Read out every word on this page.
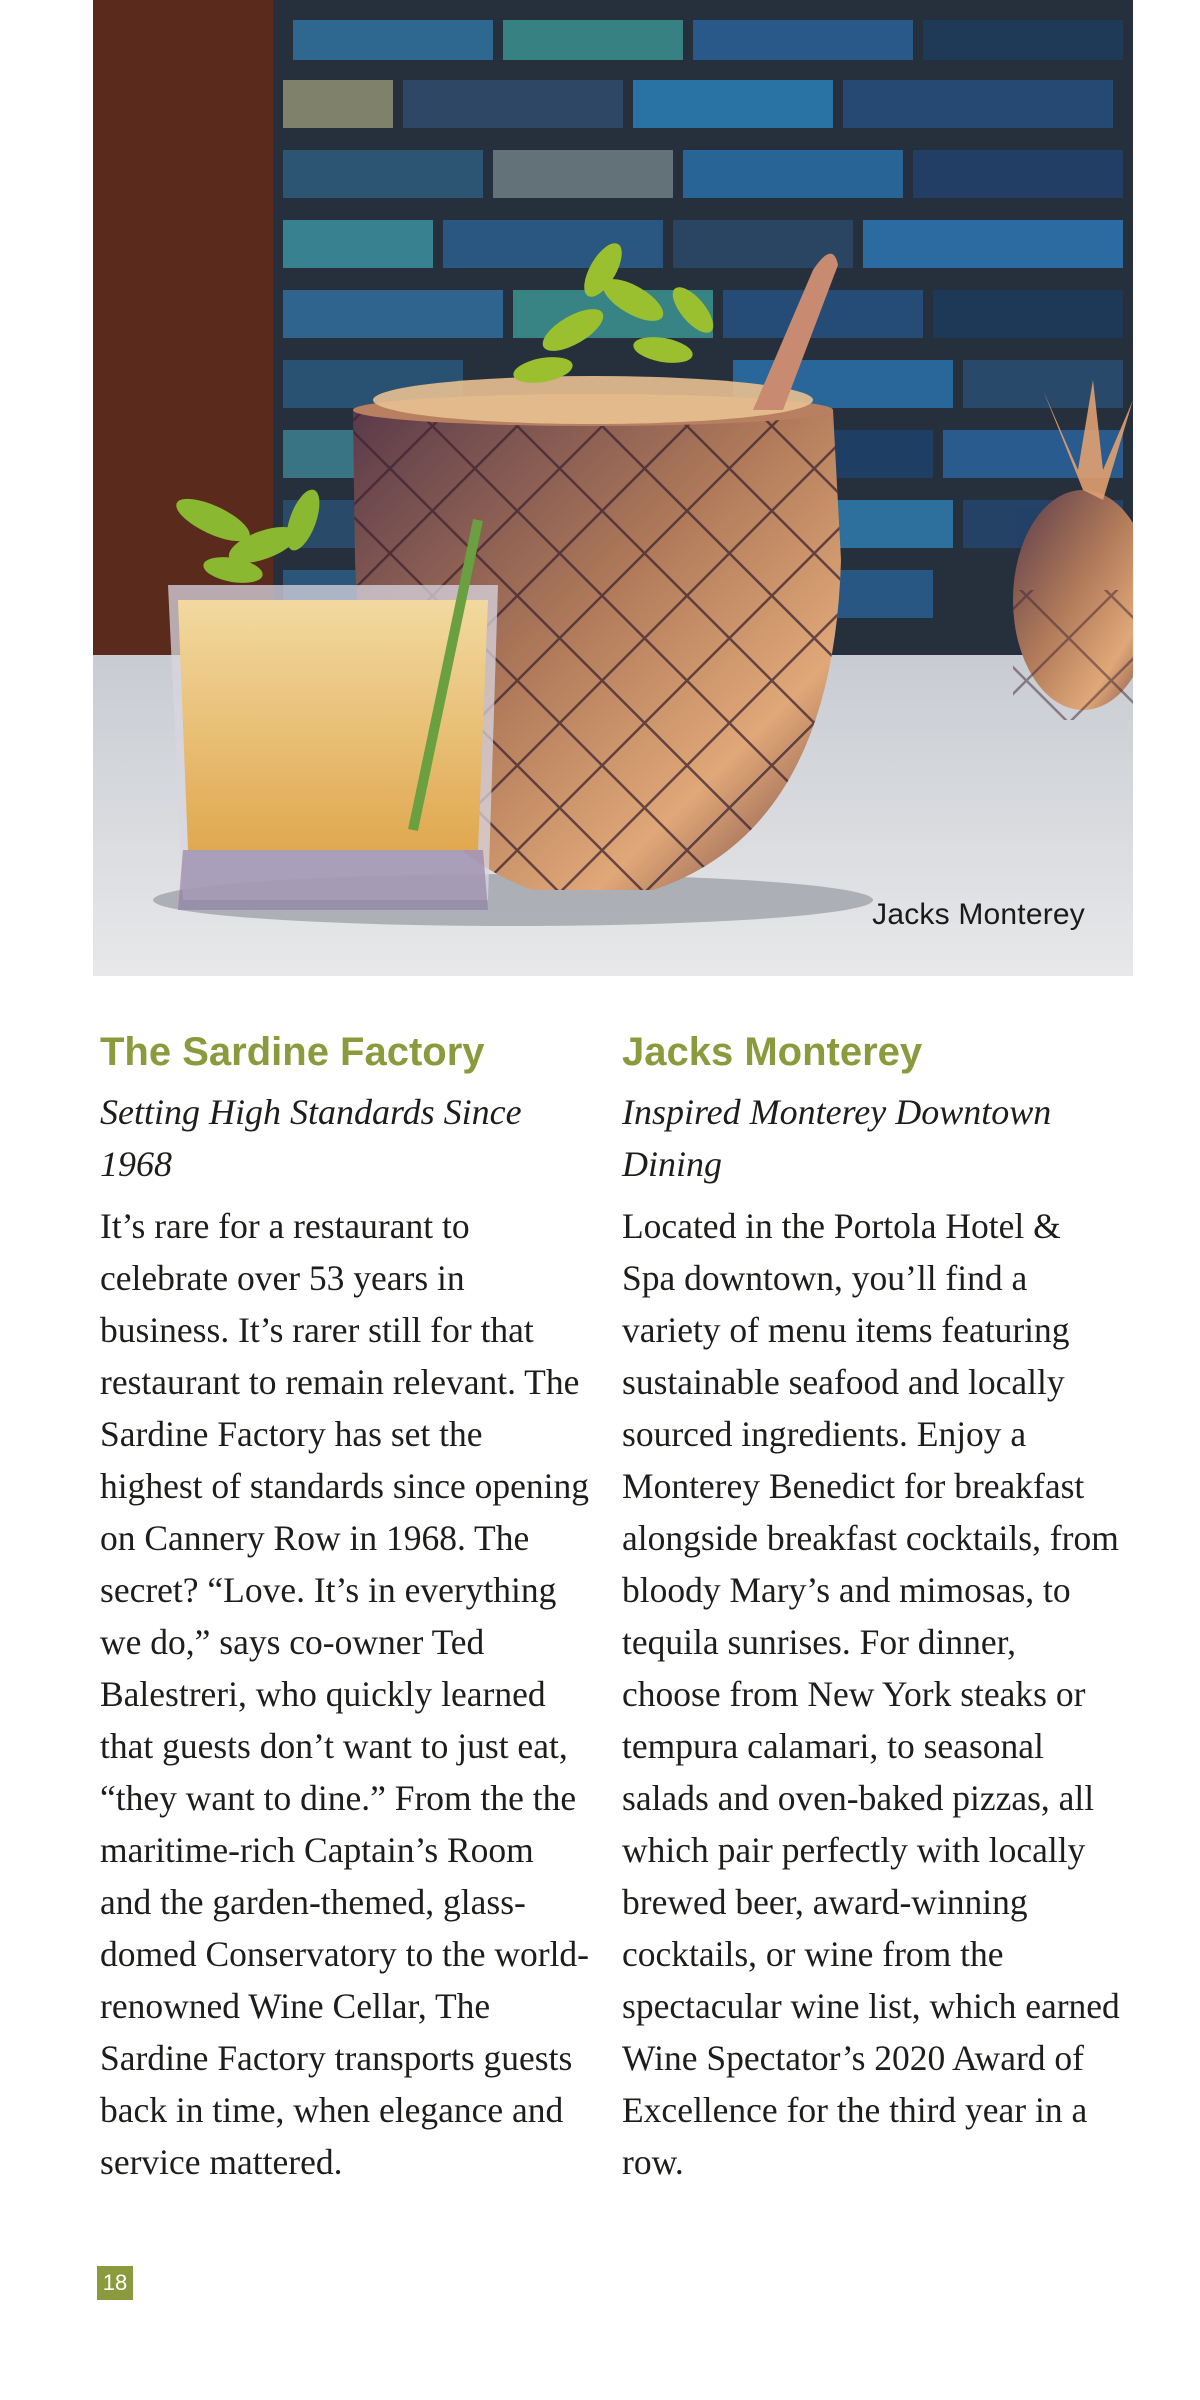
Jacks Monterey
The Sardine Factory

Setting High Standards Since 1968

It’s rare for a restaurant to celebrate over 53 years in business. It’s rarer still for that restaurant to remain relevant. The Sardine Factory has set the highest of standards since opening on Cannery Row in 1968. The secret? “Love. It’s in everything we do,” says co-owner Ted Balestreri, who quickly learned that guests don’t want to just eat, “they want to dine.” From the the maritime-rich Captain’s Room and the garden-themed, glass-domed Conservatory to the world-renowned Wine Cellar, The Sardine Factory transports guests back in time, when elegance and service mattered.

Jacks Monterey

Inspired Monterey Downtown Dining

Located in the Portola Hotel & Spa downtown, you’ll find a variety of menu items featuring sustainable seafood and locally sourced ingredients. Enjoy a Monterey Benedict for breakfast alongside breakfast cocktails, from bloody Mary’s and mimosas, to tequila sunrises. For dinner, choose from New York steaks or tempura calamari, to seasonal salads and oven-baked pizzas, all which pair perfectly with locally brewed beer, award-winning cocktails, or wine from the spectacular wine list, which earned Wine Spectator’s 2020 Award of Excellence for the third year in a row.

18
